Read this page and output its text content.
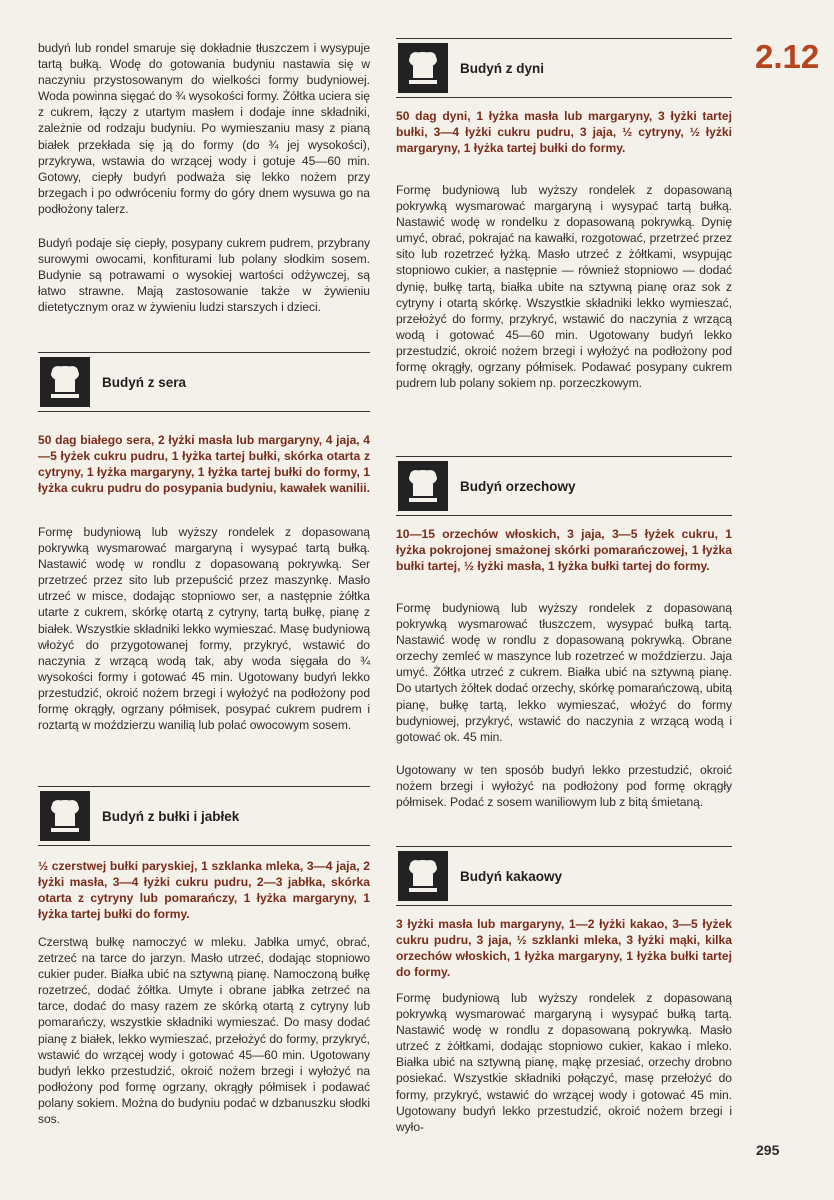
budyń lub rondel smaruje się dokładnie tłuszczem i wysypuje tartą bułką. Wodę do gotowania budyniu nastawia się w naczyniu przystosowanym do wielkości formy budyniowej. Woda powinna sięgać do ¾ wysokości formy. Żółtka uciera się z cukrem, łączy z utartym masłem i dodaje inne składniki, zależnie od rodzaju budyniu. Po wymieszaniu masy z pianą białek przekłada się ją do formy (do ¾ jej wysokości), przykrywa, wstawia do wrzącej wody i gotuje 45—60 min. Gotowy, ciepły budyń podważa się lekko nożem przy brzegach i po odwróceniu formy do góry dnem wysuwa go na podłożony talerz.

Budyń podaje się ciepły, posypany cukrem pudrem, przybrany surowymi owocami, konfiturami lub polany słodkim sosem. Budynie są potrawami o wysokiej wartości odżywczej, są łatwo strawne. Mają zastosowanie także w żywieniu dietetycznym oraz w żywieniu ludzi starszych i dzieci.

Budyń z sera

50 dag białego sera, 2 łyżki masła lub margaryny, 4 jaja, 4—5 łyżek cukru pudru, 1 łyżka tartej bułki, skórka otarta z cytryny, 1 łyżka margaryny, 1 łyżka tartej bułki do formy, 1 łyżka cukru pudru do posypania budyniu, kawałek wanilii.

Formę budyniową lub wyższy rondelek z dopasowaną pokrywką wysmarować margaryną i wysypać tartą bułką. Nastawić wodę w rondlu z dopasowaną pokrywką. Ser przetrzeć przez sito lub przepuścić przez maszynkę. Masło utrzeć w misce, dodając stopniowo ser, a następnie żółtka utarte z cukrem, skórkę otartą z cytryny, tartą bułkę, pianę z białek. Wszystkie składniki lekko wymieszać. Masę budyniową włożyć do przygotowanej formy, przykryć, wstawić do naczynia z wrzącą wodą tak, aby woda sięgała do ¾ wysokości formy i gotować 45 min. Ugotowany budyń lekko przestudzić, okroić nożem brzegi i wyłożyć na podłożony pod formę okrągły, ogrzany półmisek, posypać cukrem pudrem i roztartą w moździerzu wanilią lub polać owocowym sosem.

Budyń z bułki i jabłek

½ czerstwej bułki paryskiej, 1 szklanka mleka, 3—4 jaja, 2 łyżki masła, 3—4 łyżki cukru pudru, 2—3 jabłka, skórka otarta z cytryny lub pomarańczy, 1 łyżka margaryny, 1 łyżka tartej bułki do formy.

Czerstwą bułkę namoczyć w mleku. Jabłka umyć, obrać, zetrzeć na tarce do jarzyn. Masło utrzeć, dodając stopniowo cukier puder. Białka ubić na sztywną pianę. Namoczoną bułkę rozetrzeć, dodać żółtka. Umyte i obrane jabłka zetrzeć na tarce, dodać do masy razem ze skórką otartą z cytryny lub pomarańczy, wszystkie składniki wymieszać. Do masy dodać pianę z białek, lekko wymieszać, przełożyć do formy, przykryć, wstawić do wrzącej wody i gotować 45—60 min. Ugotowany budyń lekko przestudzić, okroić nożem brzegi i wyłożyć na podłożony pod formę ogrzany, okrągły półmisek i podawać polany sokiem. Można do budyniu podać w dzbanuszku słodki sos.

Budyń z dyni

50 dag dyni, 1 łyżka masła lub margaryny, 3 łyżki tartej bułki, 3—4 łyżki cukru pudru, 3 jaja, ½ cytryny, ½ łyżki margaryny, 1 łyżka tartej bułki do formy.

Formę budyniową lub wyższy rondelek z dopasowaną pokrywką wysmarować margaryną i wysypać tartą bułką. Nastawić wodę w rondelku z dopasowaną pokrywką. Dynię umyć, obrać, pokrajać na kawałki, rozgotować, przetrzeć przez sito lub rozetrzeć łyżką. Masło utrzeć z żółtkami, wsypując stopniowo cukier, a następnie — również stopniowo — dodać dynię, bułkę tartą, białka ubite na sztywną pianę oraz sok z cytryny i otartą skórkę. Wszystkie składniki lekko wymieszać, przełożyć do formy, przykryć, wstawić do naczynia z wrzącą wodą i gotować 45—60 min. Ugotowany budyń lekko przestudzić, okroić nożem brzegi i wyłożyć na podłożony pod formę okrągły, ogrzany półmisek. Podawać posypany cukrem pudrem lub polany sokiem np. porzeczkowym.

Budyń orzechowy

10—15 orzechów włoskich, 3 jaja, 3—5 łyżek cukru, 1 łyżka pokrojonej smażonej skórki pomarańczowej, 1 łyżka bułki tartej, ½ łyżki masła, 1 łyżka bułki tartej do formy.

Formę budyniową lub wyższy rondelek z dopasowaną pokrywką wysmarować tłuszczem, wysypać bułką tartą. Nastawić wodę w rondlu z dopasowaną pokrywką. Obrane orzechy zemleć w maszynce lub rozetrzeć w moździerzu. Jaja umyć. Żółtka utrzeć z cukrem. Białka ubić na sztywną pianę. Do utartych żółtek dodać orzechy, skórkę pomarańczową, ubitą pianę, bułkę tartą, lekko wymieszać, włożyć do formy budyniowej, przykryć, wstawić do naczynia z wrzącą wodą i gotować ok. 45 min.

Ugotowany w ten sposób budyń lekko przestudzić, okroić nożem brzegi i wyłożyć na podłożony pod formę okrągły półmisek. Podać z sosem waniliowym lub z bitą śmietaną.

Budyń kakaowy

3 łyżki masła lub margaryny, 1—2 łyżki kakao, 3—5 łyżek cukru pudru, 3 jaja, ½ szklanki mleka, 3 łyżki mąki, kilka orzechów włoskich, 1 łyżka margaryny, 1 łyżka bułki tartej do formy.

Formę budyniową lub wyższy rondelek z dopasowaną pokrywką wysmarować margaryną i wysypać bułką tartą. Nastawić wodę w rondlu z dopasowaną pokrywką. Masło utrzeć z żółtkami, dodając stopniowo cukier, kakao i mleko. Białka ubić na sztywną pianę, mąkę przesiać, orzechy drobno posiekać. Wszystkie składniki połączyć, masę przełożyć do formy, przykryć, wstawić do wrzącej wody i gotować 45 min. Ugotowany budyń lekko przestudzić, okroić nożem brzegi i wyło-

2.12
295
